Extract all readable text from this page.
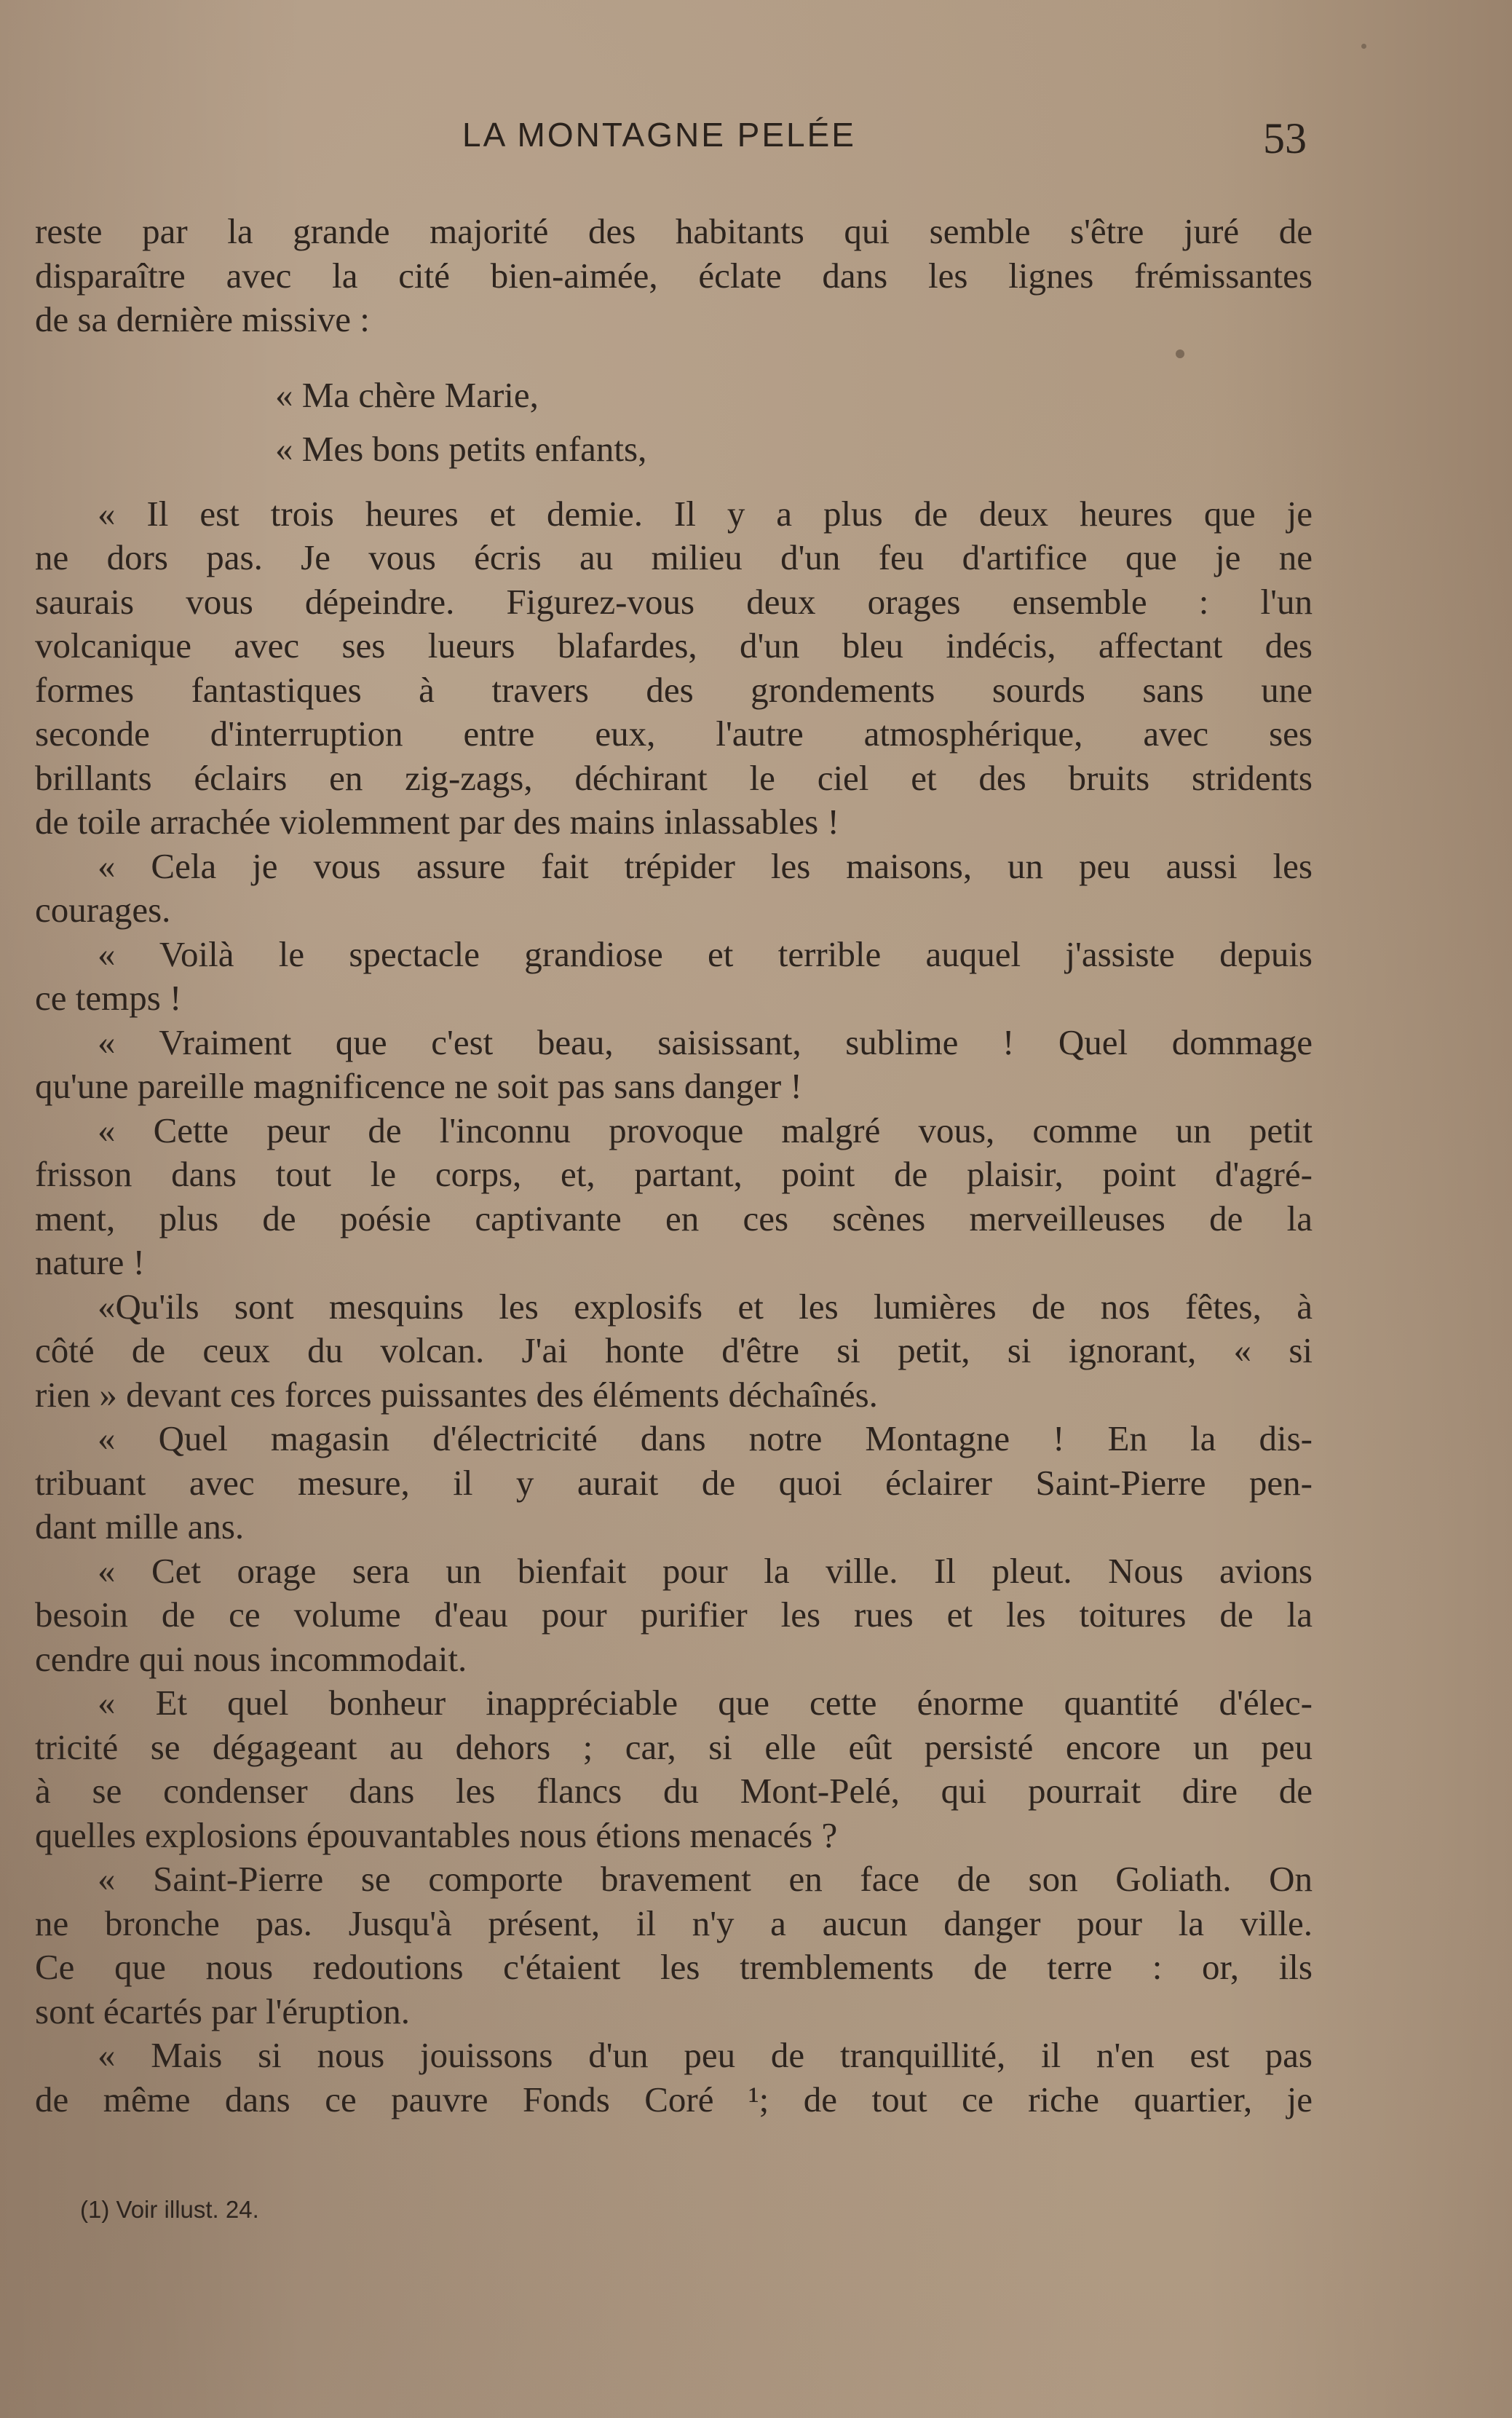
LA MONTAGNE PELÉE	53
reste par la grande majorité des habitants qui semble s'être juré de
disparaître avec la cité bien-aimée, éclate dans les lignes frémissantes
de sa dernière missive :
« Ma chère Marie,
« Mes bons petits enfants,
« Il est trois heures et demie. Il y a plus de deux heures que je
ne dors pas. Je vous écris au milieu d'un feu d'artifice que je ne
saurais vous dépeindre. Figurez-vous deux orages ensemble : l'un
volcanique avec ses lueurs blafardes, d'un bleu indécis, affectant des
formes fantastiques à travers des grondements sourds sans une
seconde d'interruption entre eux, l'autre atmosphérique, avec ses
brillants éclairs en zig-zags, déchirant le ciel et des bruits stridents
de toile arrachée violemment par des mains inlassables !
« Cela je vous assure fait trépider les maisons, un peu aussi les
courages.
« Voilà le spectacle grandiose et terrible auquel j'assiste depuis
ce temps !
« Vraiment que c'est beau, saisissant, sublime ! Quel dommage
qu'une pareille magnificence ne soit pas sans danger !
« Cette peur de l'inconnu provoque malgré vous, comme un petit
frisson dans tout le corps, et, partant, point de plaisir, point d'agré-
ment, plus de poésie captivante en ces scènes merveilleuses de la
nature !
«Qu'ils sont mesquins les explosifs et les lumières de nos fêtes, à
côté de ceux du volcan. J'ai honte d'être si petit, si ignorant, « si
rien » devant ces forces puissantes des éléments déchaînés.
« Quel magasin d'électricité dans notre Montagne ! En la dis-
tribuant avec mesure, il y aurait de quoi éclairer Saint-Pierre pen-
dant mille ans.
« Cet orage sera un bienfait pour la ville. Il pleut. Nous avions
besoin de ce volume d'eau pour purifier les rues et les toitures de la
cendre qui nous incommodait.
« Et quel bonheur inappréciable que cette énorme quantité d'élec-
tricité se dégageant au dehors ; car, si elle eût persisté encore un peu
à se condenser dans les flancs du Mont-Pelé, qui pourrait dire de
quelles explosions épouvantables nous étions menacés ?
« Saint-Pierre se comporte bravement en face de son Goliath. On
ne bronche pas. Jusqu'à présent, il n'y a aucun danger pour la ville.
Ce que nous redoutions c'étaient les tremblements de terre : or, ils
sont écartés par l'éruption.
« Mais si nous jouissons d'un peu de tranquillité, il n'en est pas
de même dans ce pauvre Fonds Coré ¹; de tout ce riche quartier, je
(1) Voir illust. 24.
